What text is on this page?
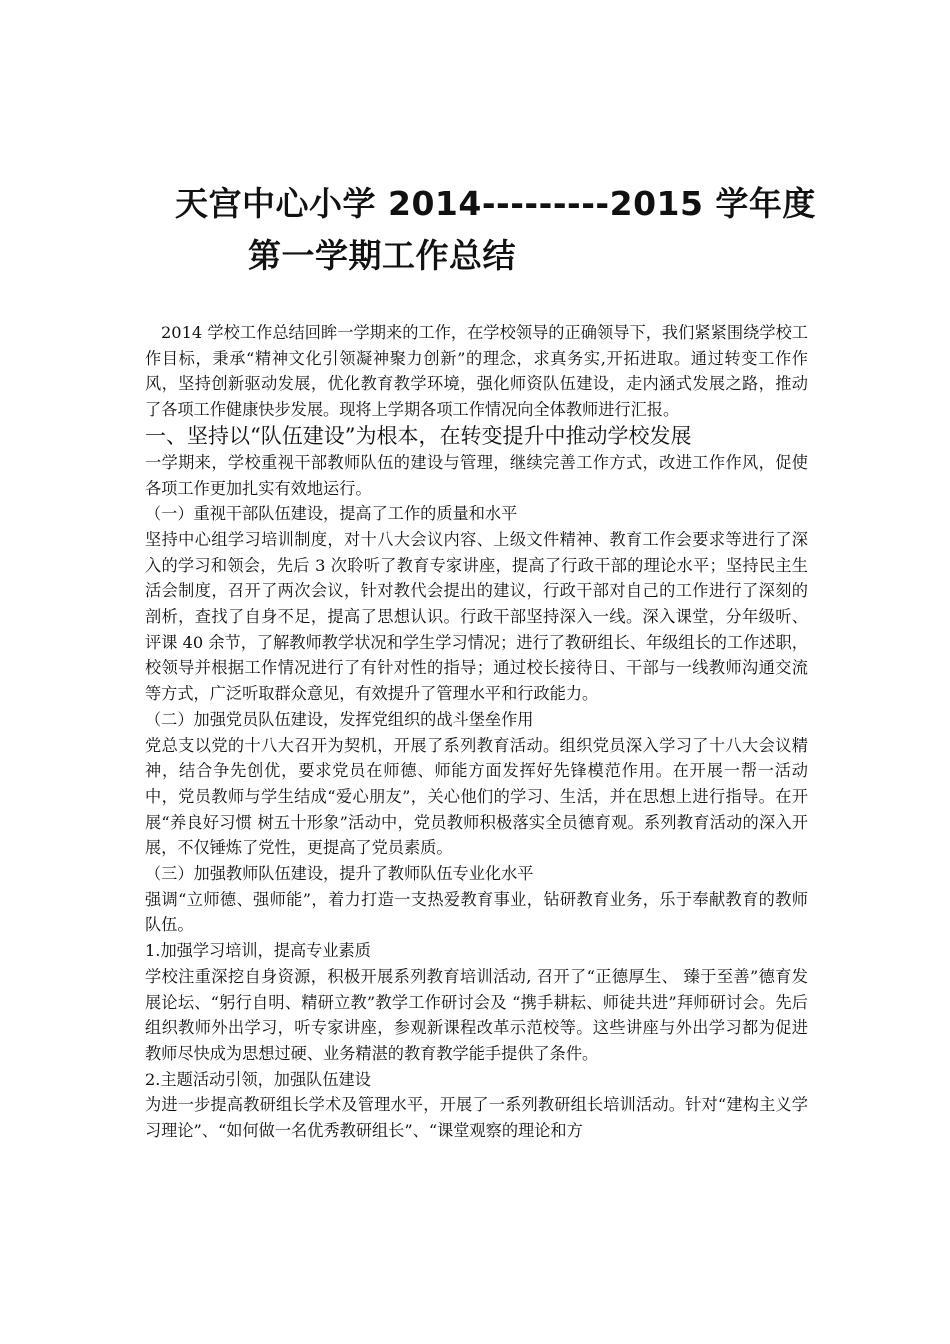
天宫中心小学 2014---------2015 学年度
第一学期工作总结

2014 学校工作总结回眸一学期来的工作，在学校领导的正确领导下，我们紧紧围绕学校工作目标，秉承“精神文化引领凝神聚力创新”的理念，求真务实,开拓进取。通过转变工作作风，坚持创新驱动发展，优化教育教学环境，强化师资队伍建设，走内涵式发展之路，推动了各项工作健康快步发展。现将上学期各项工作情况向全体教师进行汇报。

一、坚持以“队伍建设”为根本，在转变提升中推动学校发展

一学期来，学校重视干部教师队伍的建设与管理，继续完善工作方式，改进工作作风，促使各项工作更加扎实有效地运行。

（一）重视干部队伍建设，提高了工作的质量和水平

坚持中心组学习培训制度，对十八大会议内容、上级文件精神、教育工作会要求等进行了深入的学习和领会，先后 3 次聆听了教育专家讲座，提高了行政干部的理论水平；坚持民主生活会制度，召开了两次会议，针对教代会提出的建议，行政干部对自己的工作进行了深刻的剖析，查找了自身不足，提高了思想认识。行政干部坚持深入一线。深入课堂，分年级听、评课 40 余节，了解教师教学状况和学生学习情况；进行了教研组长、年级组长的工作述职，校领导并根据工作情况进行了有针对性的指导；通过校长接待日、干部与一线教师沟通交流等方式，广泛听取群众意见，有效提升了管理水平和行政能力。

（二）加强党员队伍建设，发挥党组织的战斗堡垒作用

党总支以党的十八大召开为契机，开展了系列教育活动。组织党员深入学习了十八大会议精神，结合争先创优，要求党员在师德、师能方面发挥好先锋模范作用。在开展一帮一活动中，党员教师与学生结成“爱心朋友”，关心他们的学习、生活，并在思想上进行指导。在开展“养良好习惯 树五十形象”活动中，党员教师积极落实全员德育观。系列教育活动的深入开展，不仅锤炼了党性，更提高了党员素质。

（三）加强教师队伍建设，提升了教师队伍专业化水平

强调“立师德、强师能”，着力打造一支热爱教育事业，钻研教育业务，乐于奉献教育的教师队伍。

1.加强学习培训，提高专业素质

学校注重深挖自身资源，积极开展系列教育培训活动, 召开了“正德厚生、 臻于至善”德育发展论坛、“躬行自明、精研立教”教学工作研讨会及 “携手耕耘、师徒共进”拜师研讨会。先后组织教师外出学习，听专家讲座，参观新课程改革示范校等。这些讲座与外出学习都为促进教师尽快成为思想过硬、业务精湛的教育教学能手提供了条件。

2.主题活动引领，加强队伍建设

为进一步提高教研组长学术及管理水平，开展了一系列教研组长培训活动。针对“建构主义学习理论”、“如何做一名优秀教研组长”、“课堂观察的理论和方
